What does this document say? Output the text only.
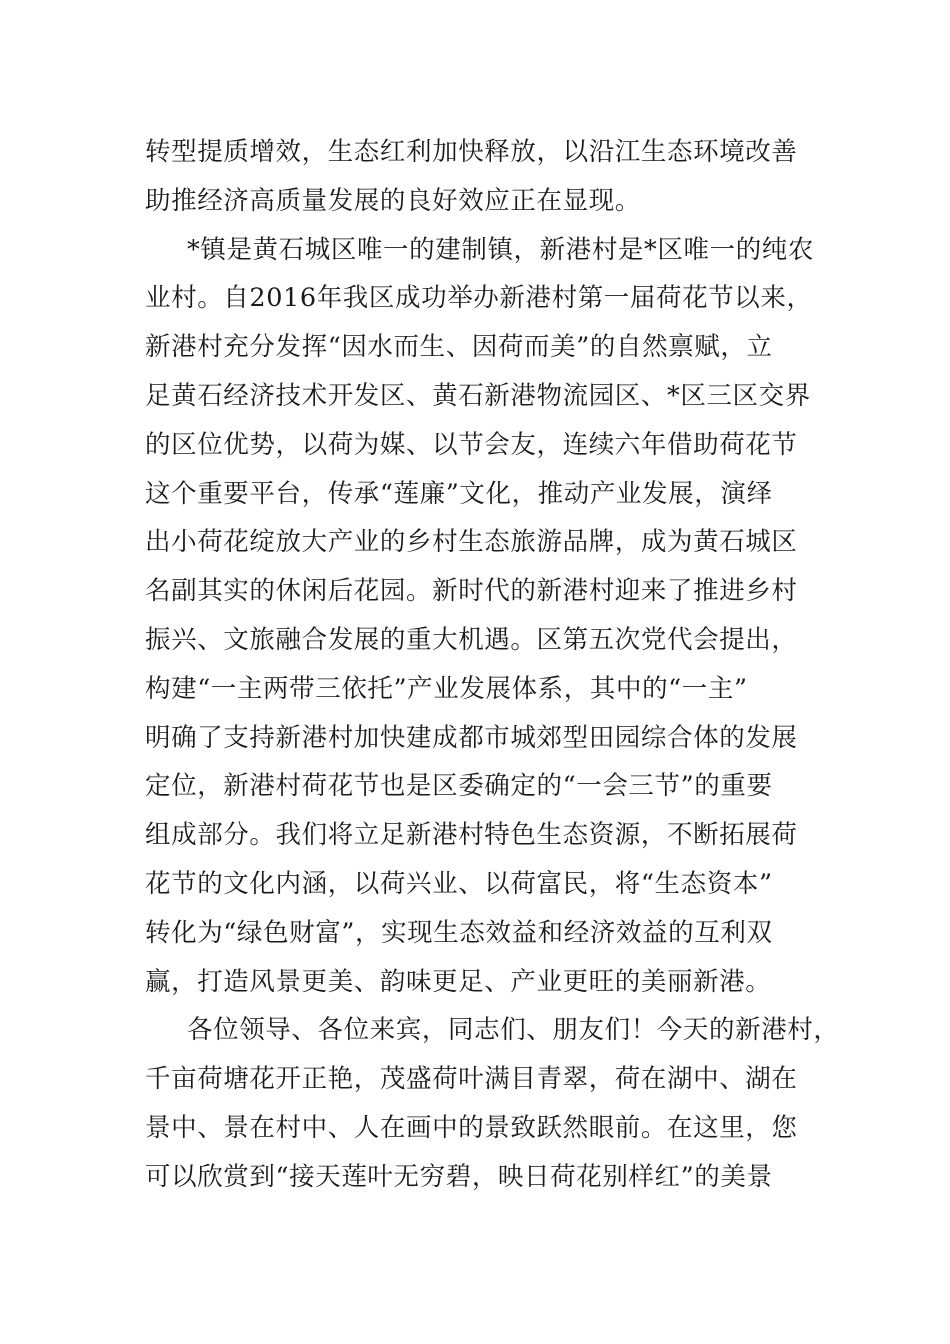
转型提质增效，生态红利加快释放，以沿江生态环境改善
助推经济高质量发展的良好效应正在显现。
*镇是黄石城区唯一的建制镇，新港村是*区唯一的纯农
业村。自2016年我区成功举办新港村第一届荷花节以来，
新港村充分发挥“因水而生、因荷而美”的自然禀赋，立
足黄石经济技术开发区、黄石新港物流园区、*区三区交界
的区位优势，以荷为媒、以节会友，连续六年借助荷花节
这个重要平台，传承“莲廉”文化，推动产业发展，演绎
出小荷花绽放大产业的乡村生态旅游品牌，成为黄石城区
名副其实的休闲后花园。新时代的新港村迎来了推进乡村
振兴、文旅融合发展的重大机遇。区第五次党代会提出，
构建“一主两带三依托”产业发展体系，其中的“一主”
明确了支持新港村加快建成都市城郊型田园综合体的发展
定位，新港村荷花节也是区委确定的“一会三节”的重要
组成部分。我们将立足新港村特色生态资源，不断拓展荷
花节的文化内涵，以荷兴业、以荷富民，将“生态资本”
转化为“绿色财富”，实现生态效益和经济效益的互利双
赢，打造风景更美、韵味更足、产业更旺的美丽新港。
各位领导、各位来宾，同志们、朋友们！今天的新港村，
千亩荷塘花开正艳，茂盛荷叶满目青翠，荷在湖中、湖在
景中、景在村中、人在画中的景致跃然眼前。在这里，您
可以欣赏到“接天莲叶无穷碧，映日荷花别样红”的美景
